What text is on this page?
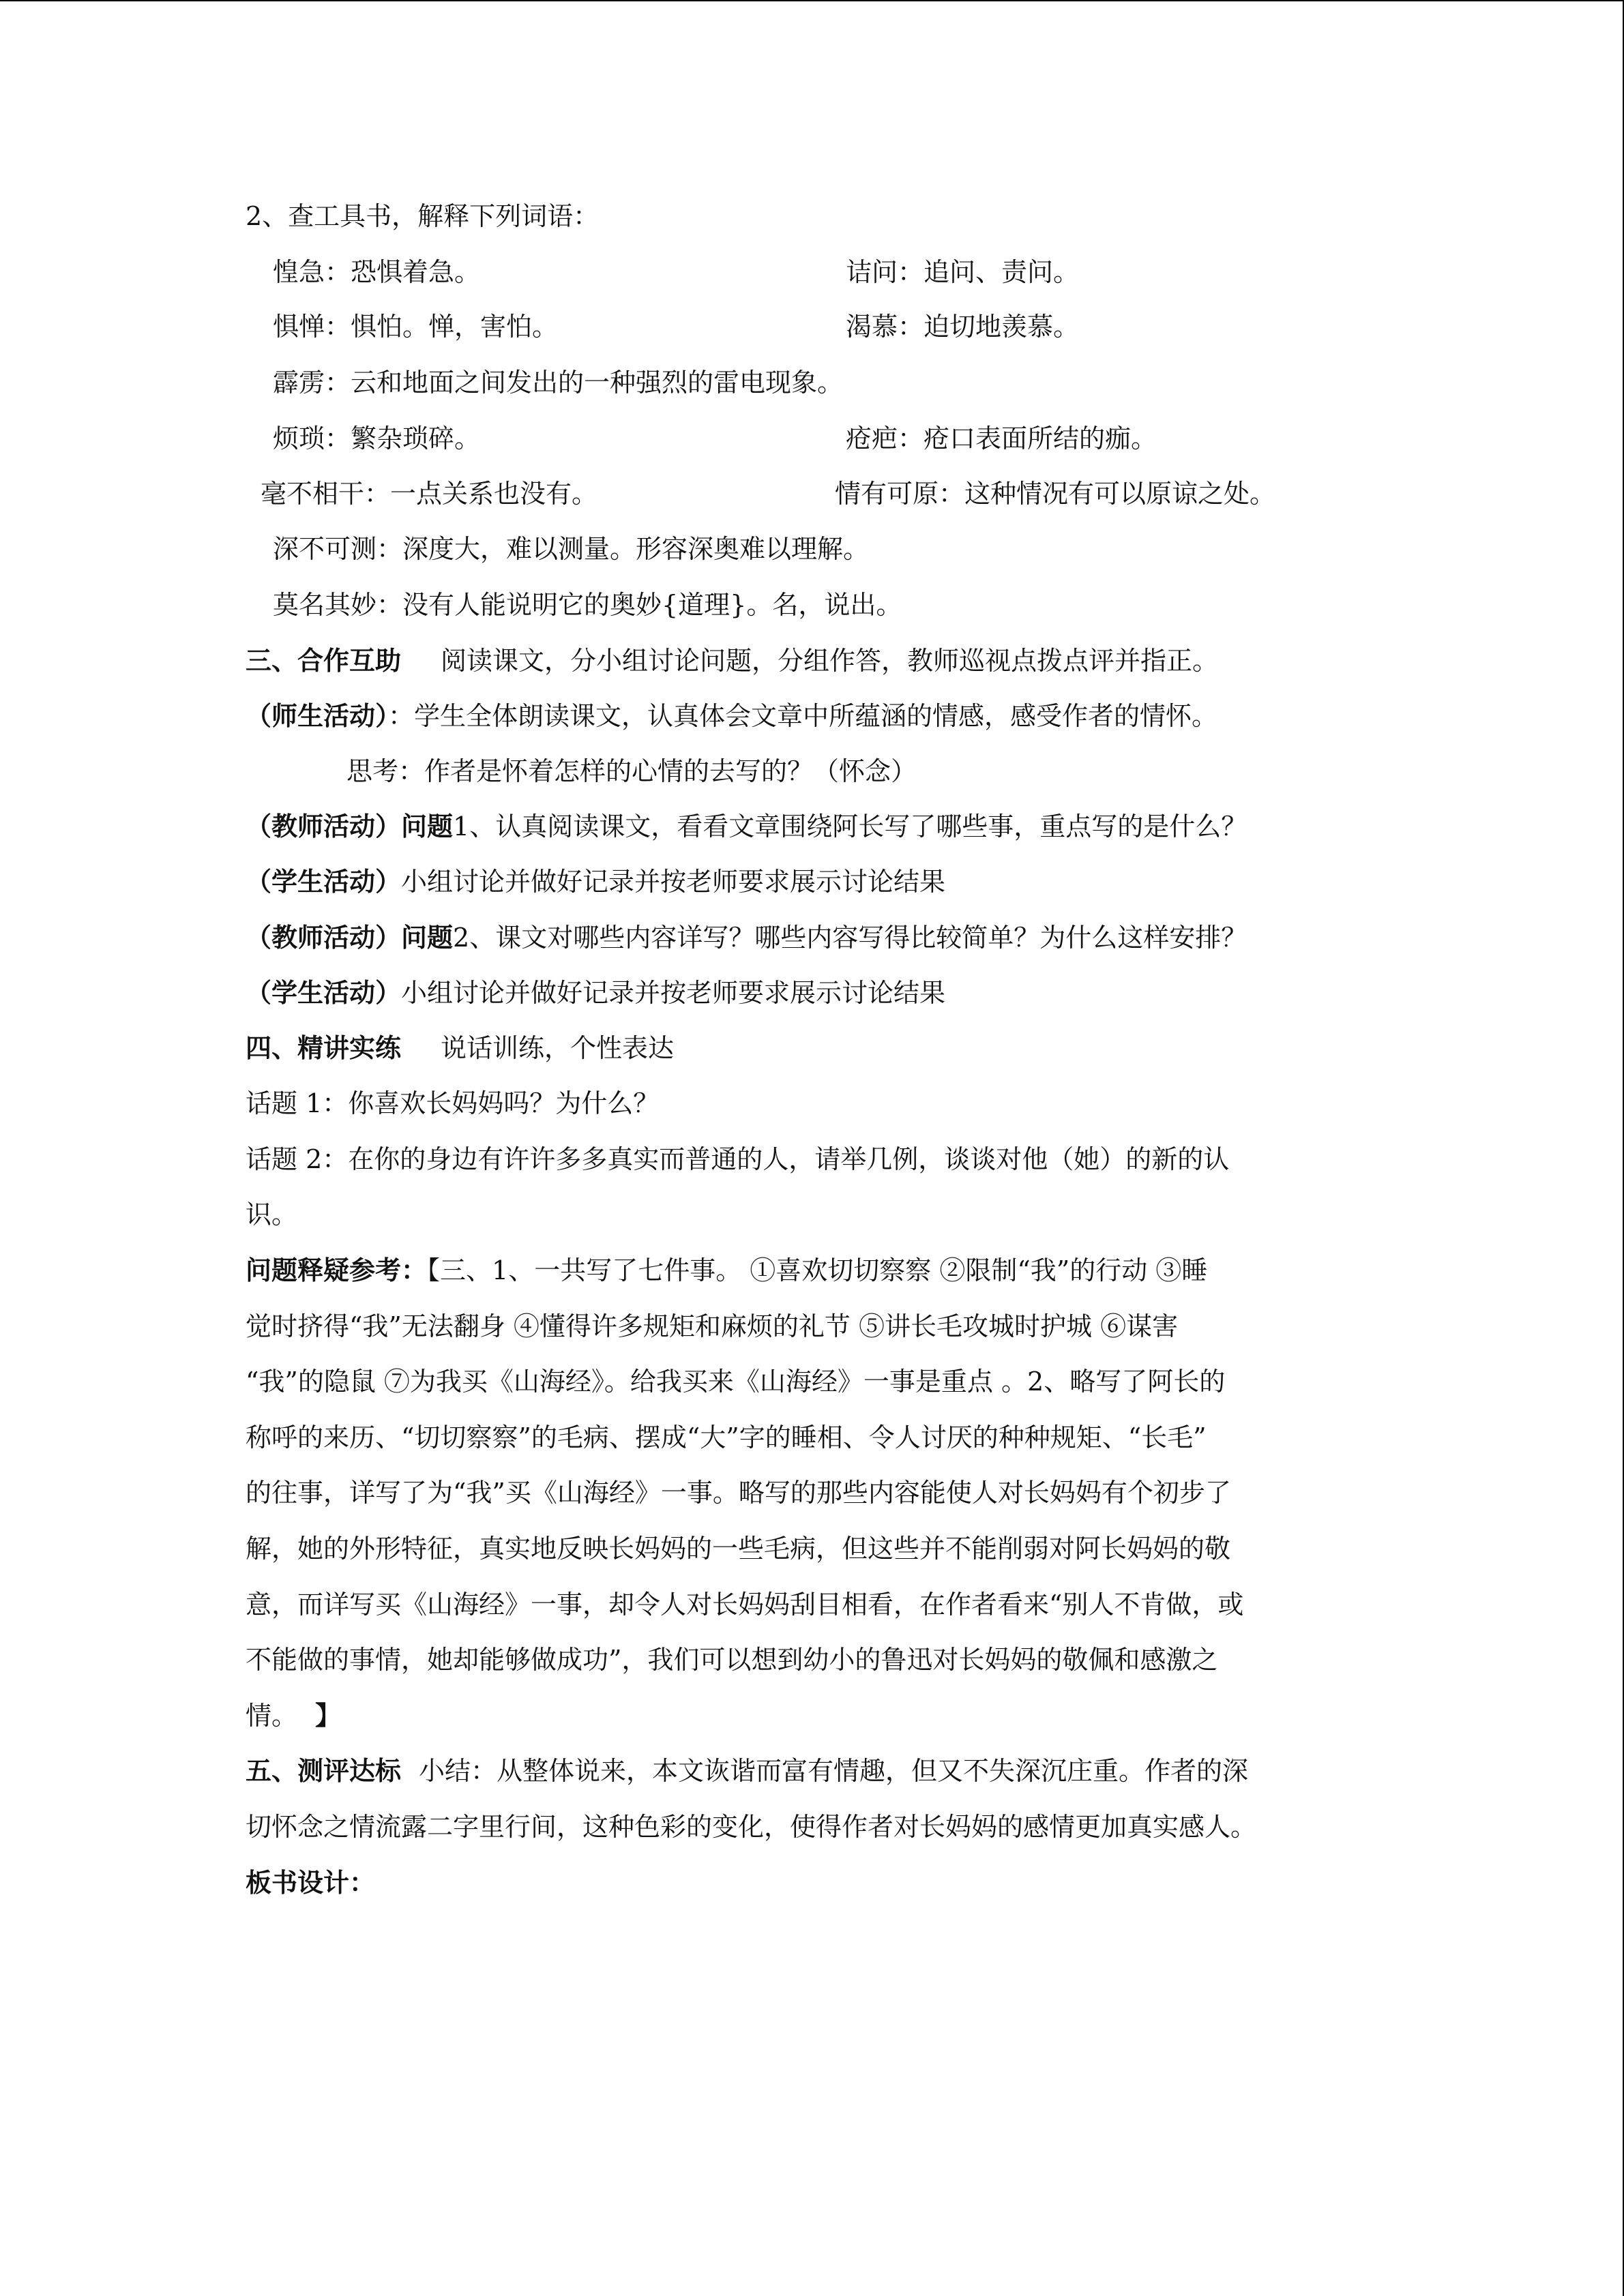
2、查工具书，解释下列词语：
惶急：恐惧着急。	诘问：追问、责问。
惧惮：惧怕。惮，害怕。	渴慕：迫切地羡慕。
霹雳：云和地面之间发出的一种强烈的雷电现象。
烦琐：繁杂琐碎。	疮疤：疮口表面所结的痂。
毫不相干：一点关系也没有。	情有可原：这种情况有可以原谅之处。
深不可测：深度大，难以测量。形容深奥难以理解。
莫名其妙：没有人能说明它的奥妙{道理}。名，说出。
三、合作互助 阅读课文，分小组讨论问题，分组作答，教师巡视点拨点评并指正。
（师生活动）：学生全体朗读课文，认真体会文章中所蕴涵的情感，感受作者的情怀。
思考：作者是怀着怎样的心情的去写的？（怀念）
（教师活动）问题1、认真阅读课文，看看文章围绕阿长写了哪些事，重点写的是什么？
（学生活动）小组讨论并做好记录并按老师要求展示讨论结果
（教师活动）问题2、课文对哪些内容详写？哪些内容写得比较简单？为什么这样安排？
（学生活动）小组讨论并做好记录并按老师要求展示讨论结果
四、精讲实练 说话训练，个性表达
话题 1：你喜欢长妈妈吗？为什么？
话题 2：在你的身边有许许多多真实而普通的人，请举几例，谈谈对他（她）的新的认
识。
问题释疑参考：【三、1、一共写了七件事。 ①喜欢切切察察 ②限制“我”的行动 ③睡
觉时挤得“我”无法翻身 ④懂得许多规矩和麻烦的礼节 ⑤讲长毛攻城时护城 ⑥谋害
“我”的隐鼠 ⑦为我买《山海经》。给我买来《山海经》一事是重点 。2、略写了阿长的
称呼的来历、“切切察察”的毛病、摆成“大”字的睡相、令人讨厌的种种规矩、“长毛”
的往事，详写了为“我”买《山海经》一事。略写的那些内容能使人对长妈妈有个初步了
解，她的外形特征，真实地反映长妈妈的一些毛病，但这些并不能削弱对阿长妈妈的敬
意，而详写买《山海经》一事，却令人对长妈妈刮目相看，在作者看来“别人不肯做，或
不能做的事情，她却能够做成功”，我们可以想到幼小的鲁迅对长妈妈的敬佩和感激之
情。 】
五、测评达标 小结：从整体说来，本文诙谐而富有情趣，但又不失深沉庄重。作者的深
切怀念之情流露二字里行间，这种色彩的变化，使得作者对长妈妈的感情更加真实感人。
板书设计：
